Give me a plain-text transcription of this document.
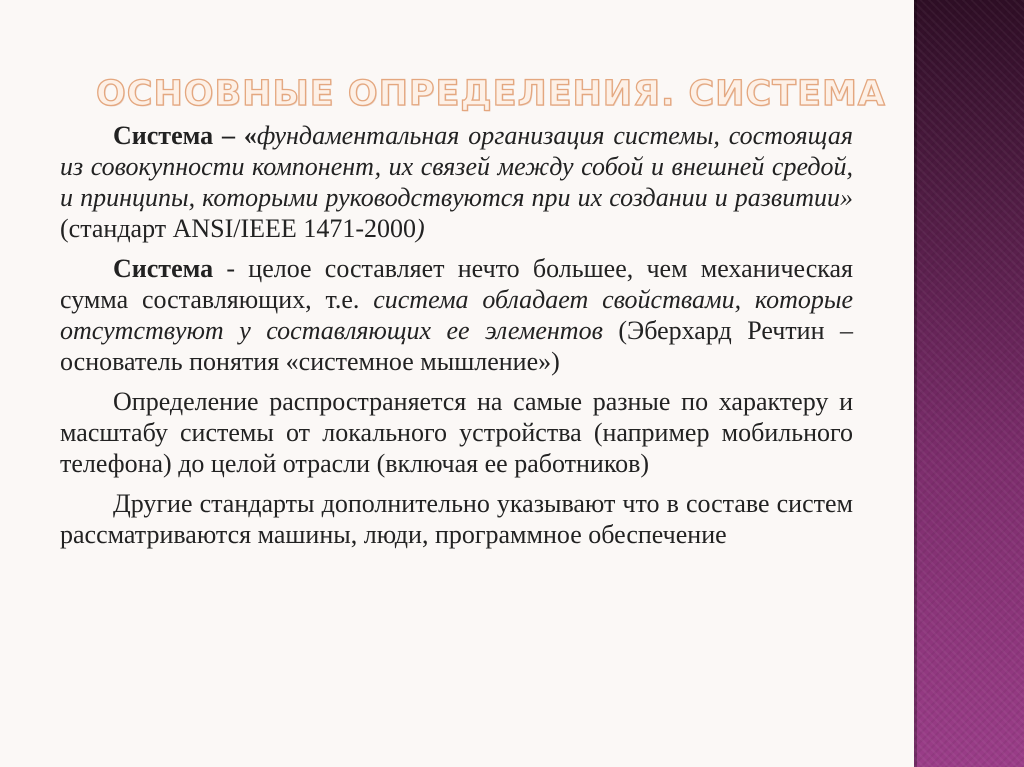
ОСНОВНЫЕ ОПРЕДЕЛЕНИЯ. СИСТЕМА

Система – «фундаментальная организация системы, состоящая из совокупности компонент, их связей между собой и внешней средой, и принципы, которыми руководствуются при их создании и развитии» (стандарт ANSI/IEEE 1471-2000)

Система - целое составляет нечто большее, чем механическая сумма составляющих, т.е. система обладает свойствами, которые отсутствуют у составляющих ее элементов (Эберхард Речтин – основатель понятия «системное мышление»)

Определение распространяется на самые разные по характеру и масштабу системы от локального устройства (например мобильного телефона) до целой отрасли (включая ее работников)

Другие стандарты дополнительно указывают что в составе систем рассматриваются машины, люди, программное обеспечение
